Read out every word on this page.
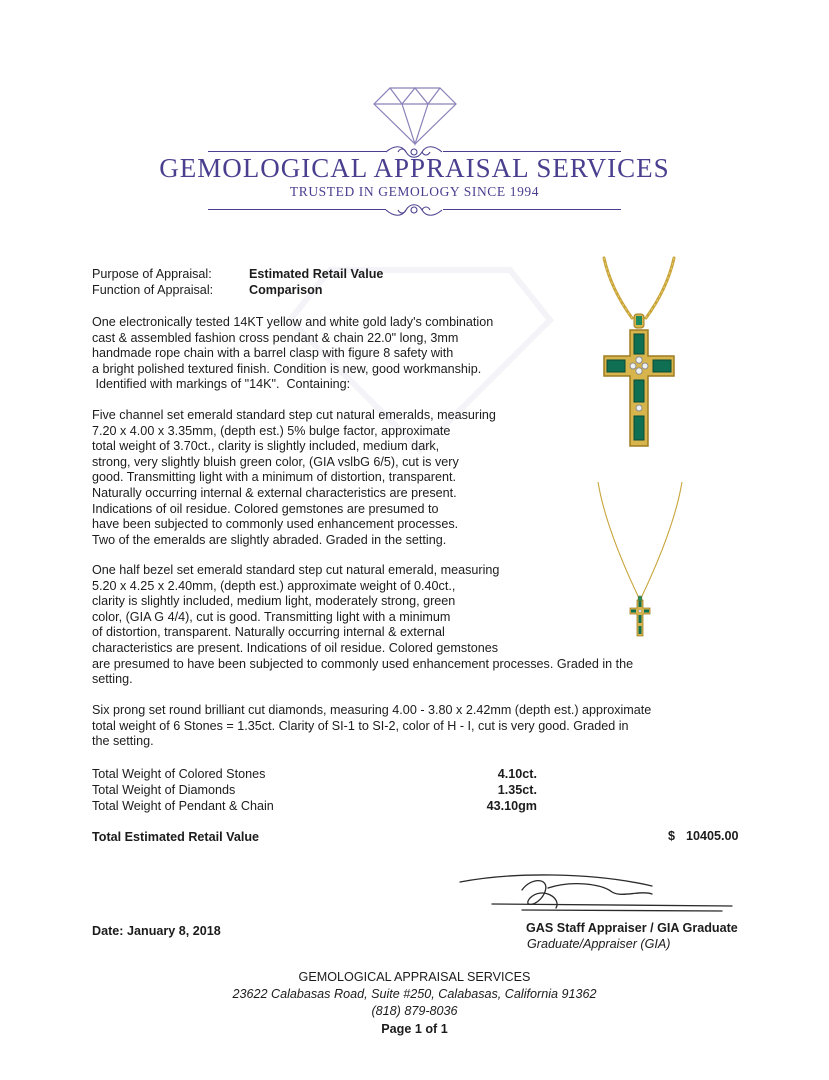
GEMOLOGICAL APPRAISAL SERVICES
TRUSTED IN GEMOLOGY SINCE 1994
Purpose of Appraisal:	Estimated Retail Value
Function of Appraisal:	Comparison
One electronically tested 14KT yellow and white gold lady's combination
cast & assembled fashion cross pendant & chain 22.0" long, 3mm
handmade rope chain with a barrel clasp with figure 8 safety with
a bright polished textured finish. Condition is new, good workmanship.
Identified with markings of "14K".  Containing:
Five channel set emerald standard step cut natural emeralds, measuring
7.20 x 4.00 x 3.35mm, (depth est.) 5% bulge factor, approximate
total weight of 3.70ct., clarity is slightly included, medium dark,
strong, very slightly bluish green color, (GIA vslbG 6/5), cut is very
good. Transmitting light with a minimum of distortion, transparent.
Naturally occurring internal & external characteristics are present.
Indications of oil residue. Colored gemstones are presumed to
have been subjected to commonly used enhancement processes.
Two of the emeralds are slightly abraded. Graded in the setting.
One half bezel set emerald standard step cut natural emerald, measuring
5.20 x 4.25 x 2.40mm, (depth est.) approximate weight of 0.40ct.,
clarity is slightly included, medium light, moderately strong, green
color, (GIA G 4/4), cut is good. Transmitting light with a minimum
of distortion, transparent. Naturally occurring internal & external
characteristics are present. Indications of oil residue. Colored gemstones
are presumed to have been subjected to commonly used enhancement processes. Graded in the
setting.
Six prong set round brilliant cut diamonds, measuring 4.00 - 3.80 x 2.42mm (depth est.) approximate
total weight of 6 Stones = 1.35ct. Clarity of SI-1 to SI-2, color of H - I, cut is very good. Graded in
the setting.
Total Weight of Colored Stones	4.10ct.
Total Weight of Diamonds	1.35ct.
Total Weight of Pendant & Chain	43.10gm
Total Estimated Retail Value	$ 10405.00
Date: January 8, 2018	GAS Staff Appraiser / GIA Graduate
Graduate/Appraiser (GIA)
GEMOLOGICAL APPRAISAL SERVICES
23622 Calabasas Road, Suite #250, Calabasas, California 91362
(818) 879-8036
Page 1 of 1
